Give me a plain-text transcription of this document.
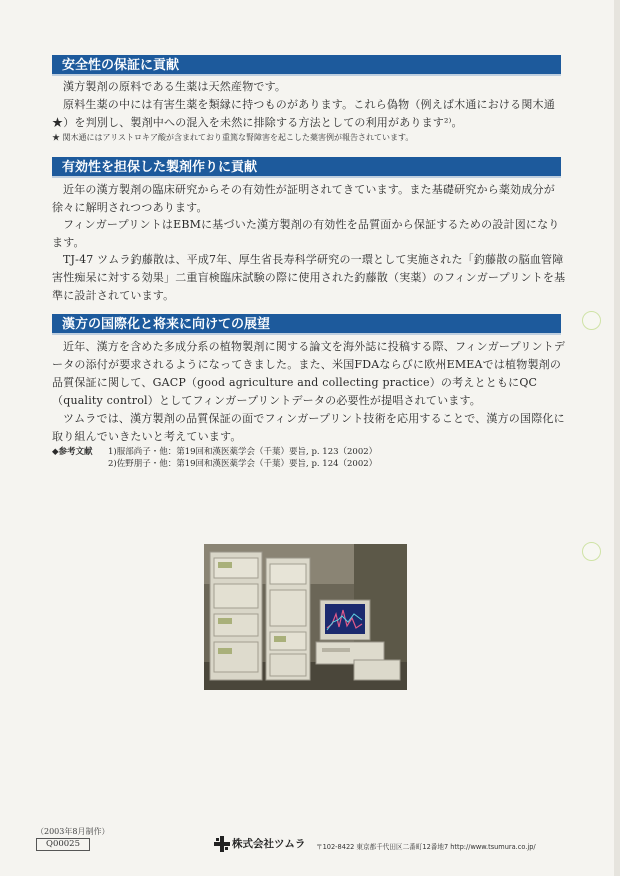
安全性の保証に貢献
漢方製剤の原料である生薬は天然産物です。
原料生薬の中には有害生薬を類縁に持つものがあります。これら偽物（例えば木通における関木通★）を判別し、製剤中への混入を未然に排除する方法としての利用があります²⁾。
★ 関木通にはアリストロキア酸が含まれており重篤な腎障害を起こした薬害例が報告されています。
有効性を担保した製剤作りに貢献
近年の漢方製剤の臨床研究からその有効性が証明されてきています。また基礎研究から薬効成分が徐々に解明されつつあります。
フィンガープリントはEBMに基づいた漢方製剤の有効性を品質面から保証するための設計図になります。
TJ-47 ツムラ釣藤散は、平成7年、厚生省長寿科学研究の一環として実施された「釣藤散の脳血管障害性痴呆に対する効果」二重盲検臨床試験の際に使用された釣藤散（実薬）のフィンガープリントを基準に設計されています。
漢方の国際化と将来に向けての展望
近年、漢方を含めた多成分系の植物製剤に関する論文を海外誌に投稿する際、フィンガープリントデータの添付が要求されるようになってきました。また、米国FDAならびに欧州EMEAでは植物製剤の品質保証に関して、GACP（good agriculture and collecting practice）の考えとともにQC（quality control）としてフィンガープリントデータの必要性が提唱されています。
ツムラでは、漢方製剤の品質保証の面でフィンガープリント技術を応用することで、漢方の国際化に取り組んでいきたいと考えています。
◆参考文献 1)服部尚子・他：第19回和漢医薬学会（千葉）要旨, p. 123（2002）
2)佐野朋子・他：第19回和漢医薬学会（千葉）要旨, p. 124（2002）
（2003年8月制作）
Q00025	株式会社ツムラ 〒102-8422 東京都千代田区二番町12番地7 http://www.tsumura.co.jp/
